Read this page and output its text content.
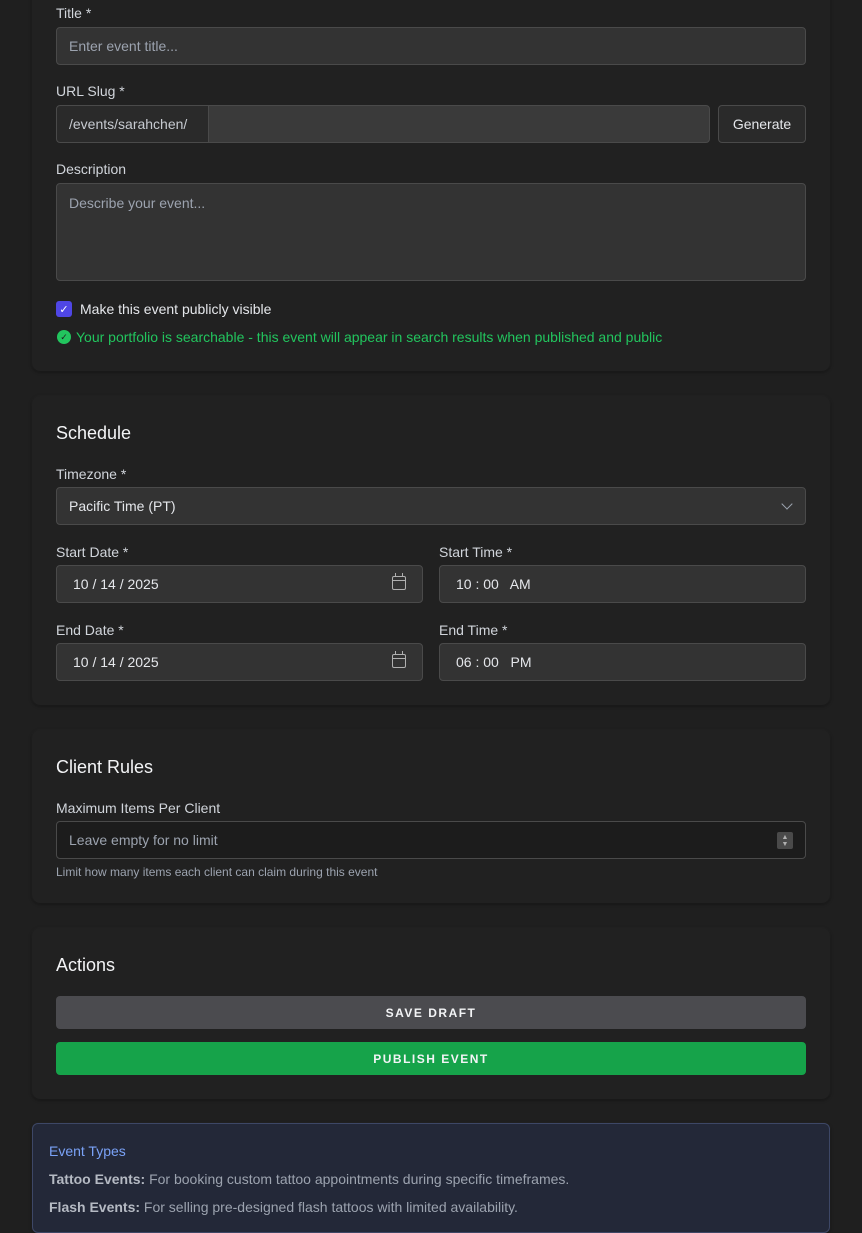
Title *
Enter event title...
URL Slug *
/events/sarahchen/	Generate
Description
Describe your event...
✓ Make this event publicly visible
✓ Your portfolio is searchable - this event will appear in search results when published and public
Schedule
Timezone *
Pacific Time (PT)
Start Date *
10 / 14 / 2025
Start Time *
10 : 00   AM
End Date *
10 / 14 / 2025
End Time *
06 : 00   PM
Client Rules
Maximum Items Per Client
Leave empty for no limit	▲
▼
Limit how many items each client can claim during this event
Actions
SAVE DRAFT
PUBLISH EVENT
Event Types
Tattoo Events: For booking custom tattoo appointments during specific timeframes.
Flash Events: For selling pre-designed flash tattoos with limited availability.
